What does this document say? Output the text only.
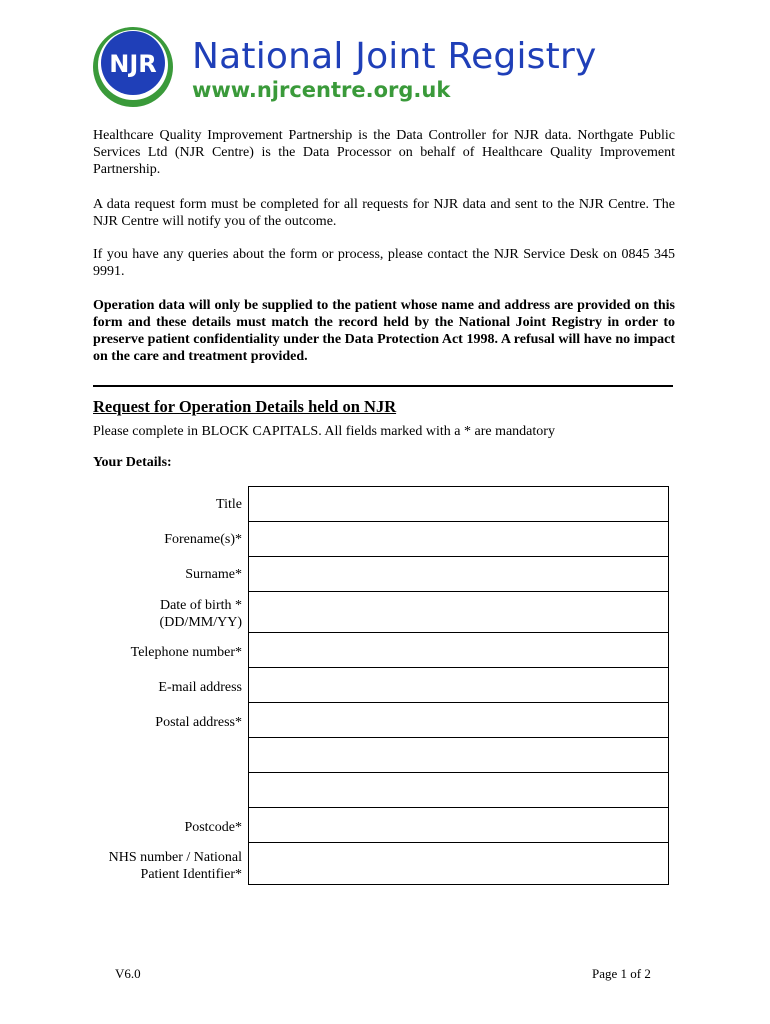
NJR National Joint Registry
www.njrcentre.org.uk

Healthcare Quality Improvement Partnership is the Data Controller for NJR data. Northgate Public Services Ltd (NJR Centre) is the Data Processor on behalf of Healthcare Quality Improvement Partnership.

A data request form must be completed for all requests for NJR data and sent to the NJR Centre. The NJR Centre will notify you of the outcome.

If you have any queries about the form or process, please contact the NJR Service Desk on 0845 345 9991.

Operation data will only be supplied to the patient whose name and address are provided on this form and these details must match the record held by the National Joint Registry in order to preserve patient confidentiality under the Data Protection Act 1998. A refusal will have no impact on the care and treatment provided.

Request for Operation Details held on NJR
Please complete in BLOCK CAPITALS. All fields marked with a * are mandatory
Your Details:
Title
Forename(s)*
Surname*
Date of birth *
(DD/MM/YY)
Telephone number*
E-mail address
Postal address*
Postcode*
NHS number / National
Patient Identifier*
V6.0	Page 1 of 2
